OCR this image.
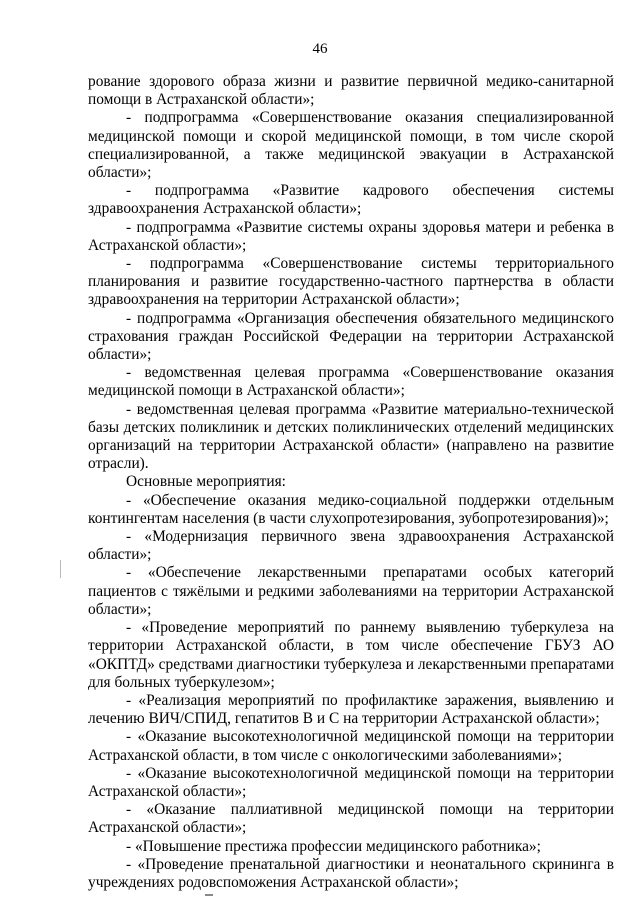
46

рование здорового образа жизни и развитие первичной медико-санитарной помощи в Астраханской области»;

- подпрограмма «Совершенствование оказания специализированной медицинской помощи и скорой медицинской помощи, в том числе скорой специализированной, а также медицинской эвакуации в Астраханской области»;

- подпрограмма «Развитие кадрового обеспечения системы здравоохранения Астраханской области»;

- подпрограмма «Развитие системы охраны здоровья матери и ребенка в Астраханской области»;

- подпрограмма «Совершенствование системы территориального планирования и развитие государственно-частного партнерства в области здравоохранения на территории Астраханской области»;

- подпрограмма «Организация обеспечения обязательного медицинского страхования граждан Российской Федерации на территории Астраханской области»;

- ведомственная целевая программа «Совершенствование оказания медицинской помощи в Астраханской области»;

- ведомственная целевая программа «Развитие материально-технической базы детских поликлиник и детских поликлинических отделений медицинских организаций на территории Астраханской области» (направлено на развитие отрасли).

Основные мероприятия:

- «Обеспечение оказания медико-социальной поддержки отдельным контингентам населения (в части слухопротезирования, зубопротезирования)»;

- «Модернизация первичного звена здравоохранения Астраханской области»;

- «Обеспечение лекарственными препаратами особых категорий пациентов с тяжёлыми и редкими заболеваниями на территории Астраханской области»;

- «Проведение мероприятий по раннему выявлению туберкулеза на территории Астраханской области, в том числе обеспечение ГБУЗ АО «ОКПТД» средствами диагностики туберкулеза и лекарственными препаратами для больных туберкулезом»;

- «Реализация мероприятий по профилактике заражения, выявлению и лечению ВИЧ/СПИД, гепатитов В и С на территории Астраханской области»;

- «Оказание высокотехнологичной медицинской помощи на территории Астраханской области, в том числе с онкологическими заболеваниями»;

- «Оказание высокотехнологичной медицинской помощи на территории Астраханской области»;

- «Оказание паллиативной медицинской помощи на территории Астраханской области»;

- «Повышение престижа профессии медицинского работника»;

- «Проведение пренатальной диагностики и неонатального скрининга в учреждениях родовспоможения Астраханской области»;
